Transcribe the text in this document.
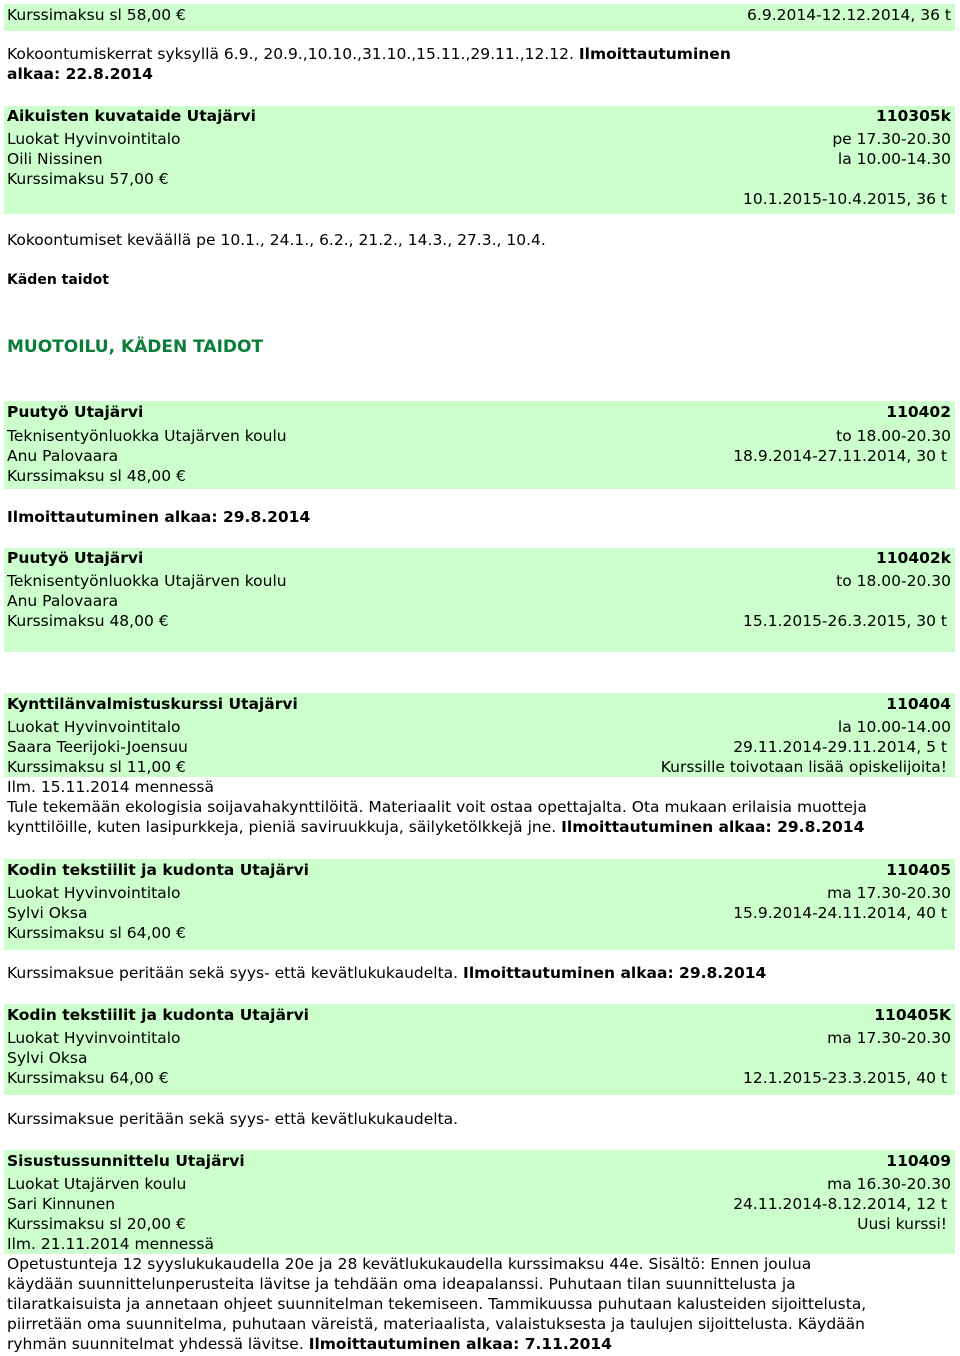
Kurssimaksu sl 58,00 €	6.9.2014-12.12.2014, 36 t
Kokoontumiskerrat syksyllä 6.9., 20.9.,10.10.,31.10.,15.11.,29.11.,12.12. Ilmoittautuminen
alkaa: 22.8.2014
Aikuisten kuvataide Utajärvi	110305k
Luokat Hyvinvointitalo	pe 17.30-20.30
Oili Nissinen	la 10.00-14.30
Kurssimaksu 57,00 €
10.1.2015-10.4.2015, 36 t
Kokoontumiset keväällä pe 10.1., 24.1., 6.2., 21.2., 14.3., 27.3., 10.4.
Käden taidot
MUOTOILU, KÄDEN TAIDOT
Puutyö Utajärvi	110402
Teknisentyönluokka Utajärven koulu	to 18.00-20.30
Anu Palovaara	18.9.2014-27.11.2014, 30 t
Kurssimaksu sl 48,00 €
Ilmoittautuminen alkaa: 29.8.2014
Puutyö Utajärvi	110402k
Teknisentyönluokka Utajärven koulu	to 18.00-20.30
Anu Palovaara
Kurssimaksu 48,00 €	15.1.2015-26.3.2015, 30 t
Kynttilänvalmistuskurssi Utajärvi	110404
Luokat Hyvinvointitalo	la 10.00-14.00
Saara Teerijoki-Joensuu	29.11.2014-29.11.2014, 5 t
Kurssimaksu sl 11,00 €	Kurssille toivotaan lisää opiskelijoita!
Ilm. 15.11.2014 mennessä
Tule tekemään ekologisia soijavahakynttilöitä. Materiaalit voit ostaa opettajalta. Ota mukaan erilaisia muotteja
kynttilöille, kuten lasipurkkeja, pieniä saviruukkuja, säilyketölkkejä jne. Ilmoittautuminen alkaa: 29.8.2014
Kodin tekstiilit ja kudonta Utajärvi	110405
Luokat Hyvinvointitalo	ma 17.30-20.30
Sylvi Oksa	15.9.2014-24.11.2014, 40 t
Kurssimaksu sl 64,00 €
Kurssimaksue peritään sekä syys- että kevätlukukaudelta. Ilmoittautuminen alkaa: 29.8.2014
Kodin tekstiilit ja kudonta Utajärvi	110405K
Luokat Hyvinvointitalo	ma 17.30-20.30
Sylvi Oksa
Kurssimaksu 64,00 €	12.1.2015-23.3.2015, 40 t
Kurssimaksue peritään sekä syys- että kevätlukukaudelta.
Sisustussunnittelu Utajärvi	110409
Luokat Utajärven koulu	ma 16.30-20.30
Sari Kinnunen	24.11.2014-8.12.2014, 12 t
Kurssimaksu sl 20,00 €	Uusi kurssi!
Ilm. 21.11.2014 mennessä
Opetustunteja 12 syyslukukaudella 20e ja 28 kevätlukukaudella kurssimaksu 44e. Sisältö: Ennen joulua
käydään suunnittelunperusteita lävitse ja tehdään oma ideapalanssi. Puhutaan tilan suunnittelusta ja
tilaratkaisuista ja annetaan ohjeet suunnitelman tekemiseen. Tammikuussa puhutaan kalusteiden sijoittelusta,
piirretään oma suunnitelma, puhutaan väreistä, materiaalista, valaistuksesta ja taulujen sijoittelusta. Käydään
ryhmän suunnitelmat yhdessä lävitse. Ilmoittautuminen alkaa: 7.11.2014
